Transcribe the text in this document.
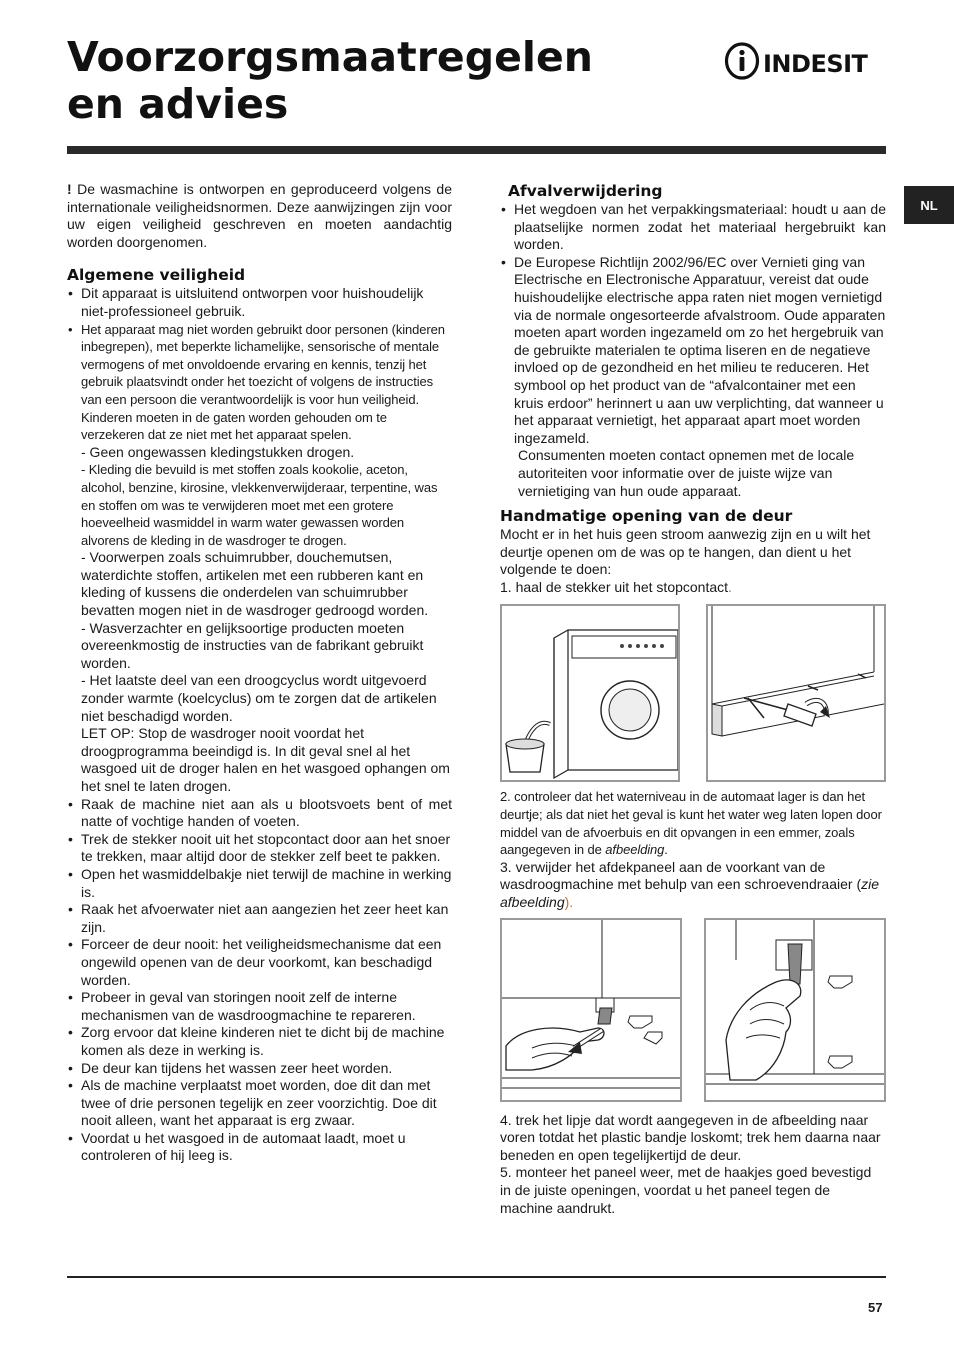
Voorzorgsmaatregelen
en advies
INDESIT
NL

! De wasmachine is ontworpen en geproduceerd volgens de internationale veiligheidsnormen. Deze aanwijzingen zijn voor uw eigen veiligheid geschreven en moeten aandachtig worden doorgenomen.

Algemene veiligheid
• Dit apparaat is uitsluitend ontworpen voor huishoudelijk niet-professioneel gebruik.
• Het apparaat mag niet worden gebruikt door personen (kinderen inbegrepen), met beperkte lichamelijke, sensorische of mentale vermogens of met onvoldoende ervaring en kennis, tenzij het gebruik plaatsvindt onder het toezicht of volgens de instructies van een persoon die verantwoordelijk is voor hun veiligheid. Kinderen moeten in de gaten worden gehouden om te verzekeren dat ze niet met het apparaat spelen.

- Geen ongewassen kledingstukken drogen.

- Kleding die bevuild is met stoffen zoals kookolie, aceton, alcohol, benzine, kirosine, vlekkenverwijderaar, terpentine, was en stoffen om was te verwijderen moet met een grotere hoeveelheid wasmiddel in warm water gewassen worden alvorens de kleding in de wasdroger te drogen.

- Voorwerpen zoals schuimrubber, douchemutsen, waterdichte stoffen, artikelen met een rubberen kant en kleding of kussens die onderdelen van schuimrubber bevatten mogen niet in de wasdroger gedroogd worden.

- Wasverzachter en gelijksoortige producten moeten overeenkmostig de instructies van de fabrikant gebruikt worden.

- Het laatste deel van een droogcyclus wordt uitgevoerd zonder warmte (koelcyclus) om te zorgen dat de artikelen niet beschadigd worden.

LET OP: Stop de wasdroger nooit voordat het droogprogramma beeindigd is. In dit geval snel al het wasgoed uit de droger halen en het wasgoed ophangen om het snel te laten drogen.

• Raak de machine niet aan als u blootsvoets bent of met natte of vochtige handen of voeten.
• Trek de stekker nooit uit het stopcontact door aan het snoer te trekken, maar altijd door de stekker zelf beet te pakken.
• Open het wasmiddelbakje niet terwijl de machine in werking is.
• Raak het afvoerwater niet aan aangezien het zeer heet kan zijn.
• Forceer de deur nooit: het veiligheidsmechanisme dat een ongewild openen van de deur voorkomt, kan beschadigd worden.
• Probeer in geval van storingen nooit zelf de interne mechanismen van de wasdroogmachine te repareren.
• Zorg ervoor dat kleine kinderen niet te dicht bij de machine komen als deze in werking is.
• De deur kan tijdens het wassen zeer heet worden.
• Als de machine verplaatst moet worden, doe dit dan met twee of drie personen tegelijk en zeer voorzichtig. Doe dit nooit alleen, want het apparaat is erg zwaar.
• Voordat u het wasgoed in de automaat laadt, moet u controleren of hij leeg is.
Afvalverwijdering
• Het wegdoen van het verpakkingsmateriaal: houdt u aan de plaatselijke normen zodat het materiaal hergebruikt kan worden.
• De Europese Richtlijn 2002/96/EC over Vernieti ging van Electrische en Electronische Apparatuur, vereist dat oude huishoudelijke electrische appa raten niet mogen vernietigd via de normale ongesorteerde afvalstroom. Oude apparaten moeten apart worden ingezameld om zo het hergebruik van de gebruikte materialen te optima liseren en de negatieve invloed op de gezondheid en het milieu te reduceren. Het symbool op het product van de “afvalcontainer met een kruis erdoor” herinnert u aan uw verplichting, dat wanneer u het apparaat vernietigt, het apparaat apart moet worden ingezameld.

Consumenten moeten contact opnemen met de locale autoriteiten voor informatie over de juiste wijze van vernietiging van hun oude apparaat.

Handmatige opening van de deur

Mocht er in het huis geen stroom aanwezig zijn en u wilt het deurtje openen om de was op te hangen, dan dient u het volgende te doen:

1. haal de stekker uit het stopcontact.

2. controleer dat het waterniveau in de automaat lager is dan het deurtje; als dat niet het geval is kunt het water weg laten lopen door middel van de afvoerbuis en dit opvangen in een emmer, zoals aangegeven in de afbeelding.

3. verwijder het afdekpaneel aan de voorkant van de wasdroogmachine met behulp van een schroevendraaier (zie afbeelding).

4. trek het lipje dat wordt aangegeven in de afbeelding naar voren totdat het plastic bandje loskomt; trek hem daarna naar beneden en open tegelijkertijd de deur.

5. monteer het paneel weer, met de haakjes goed bevestigd in de juiste openingen, voordat u het paneel tegen de machine aandrukt.

57
